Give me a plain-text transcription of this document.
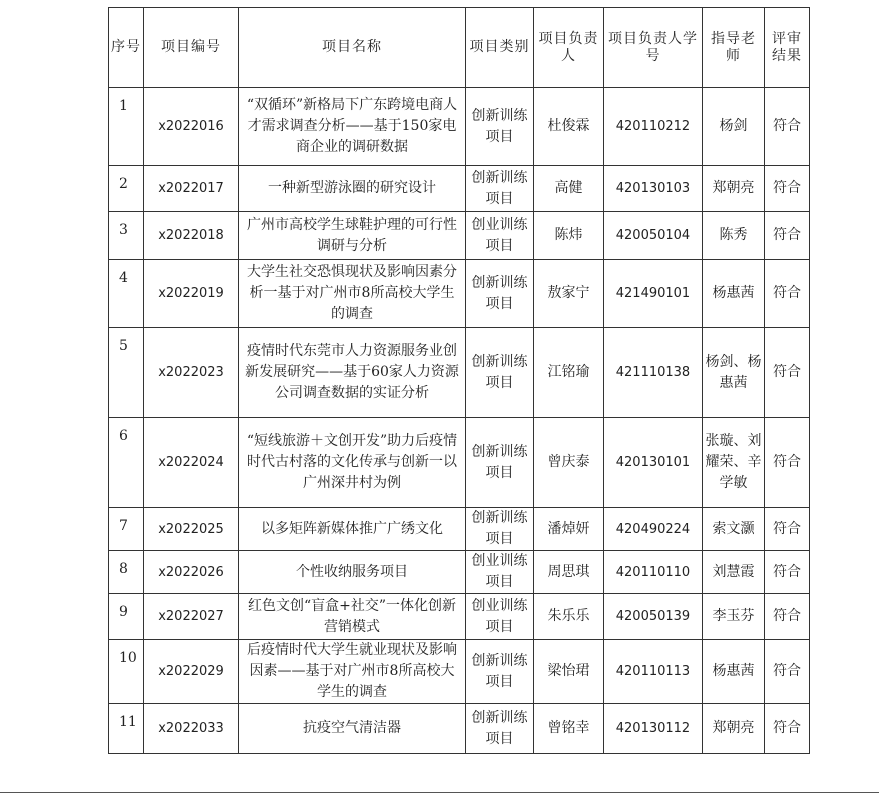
序号	项目编号	项目名称	项目类别	项目负责人	项目负责人学号	指导老师	评审结果
1	x2022016	“双循环”新格局下广东跨境电商人才需求调查分析——基于150家电商企业的调研数据	创新训练项目	杜俊霖	420110212	杨剑	符合
2	x2022017	一种新型游泳圈的研究设计	创新训练项目	高健	420130103	郑朝亮	符合
3	x2022018	广州市高校学生球鞋护理的可行性调研与分析	创业训练项目	陈炜	420050104	陈秀	符合
4	x2022019	大学生社交恐惧现状及影响因素分析一基于对广州市8所高校大学生的调查	创新训练项目	敖家宁	421490101	杨惠茜	符合
5	x2022023	疫情时代东莞市人力资源服务业创新发展研究——基于60家人力资源公司调查数据的实证分析	创新训练项目	江铭瑜	421110138	杨剑、杨惠茜	符合
6	x2022024	“短线旅游＋文创开发”助力后疫情时代古村落的文化传承与创新一以广州深井村为例	创新训练项目	曾庆泰	420130101	张璇、刘耀荣、辛学敏	符合
7	x2022025	以多矩阵新媒体推广广绣文化	创新训练项目	潘焯妍	420490224	索文灏	符合
8	x2022026	个性收纳服务项目	创业训练项目	周思琪	420110110	刘慧霞	符合
9	x2022027	红色文创“盲盒+社交”一体化创新营销模式	创业训练项目	朱乐乐	420050139	李玉芬	符合
10	x2022029	后疫情时代大学生就业现状及影响因素——基于对广州市8所高校大学生的调查	创新训练项目	梁怡珺	420110113	杨惠茜	符合
11	x2022033	抗疫空气清洁器	创新训练项目	曾铭幸	420130112	郑朝亮	符合
